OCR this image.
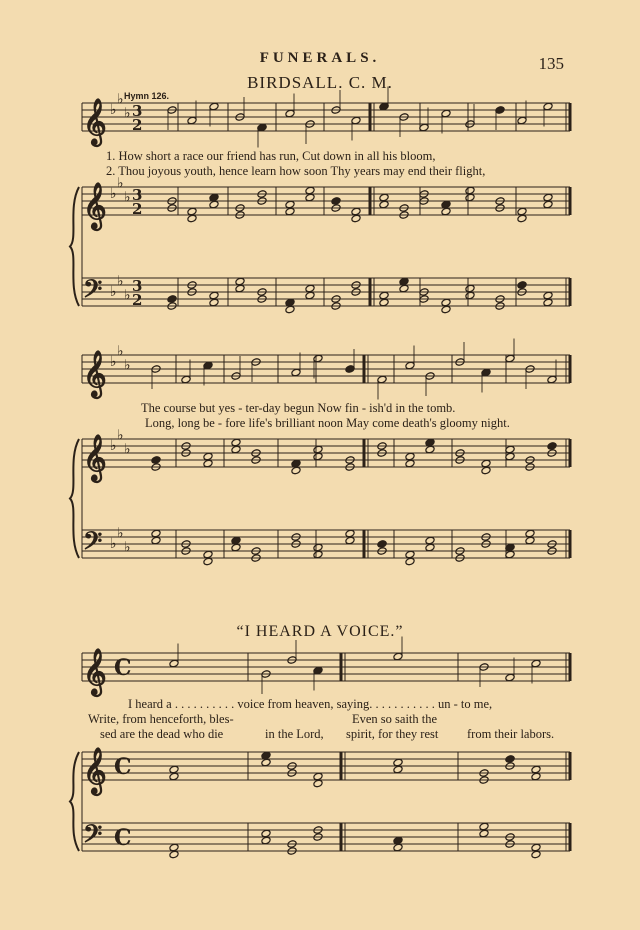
FUNERALS.	135
BIRDSALL. C. M.
Hymn 126.
1. How short a race our friend has run, Cut down in all his bloom,
2. Thou joyous youth, hence learn how soon Thy years may end their flight,
The course but yes - ter-day begun Now fin - ish'd in the tomb.
Long, long be - fore life's brilliant noon May come death's gloomy night.
“I HEARD A VOICE.”
I heard a . . . . . . . . . . voice from heaven, saying. . . . . . . . . . . un - to me,
Write, from henceforth, bles-	Even so saith the
sed are the dead who die	in the Lord, spirit, for they rest from their labors.
𝄞 ♭
♭
♭ 3
2
𝄞 ♭
♭
♭ 3
2
𝄢 ♭
♭
♭
3
2
𝄞 ♭
♭
♭
𝄞 ♭
♭
♭
𝄢 ♭
♭
♭
𝄞 C
𝄞 C
𝄢 C
